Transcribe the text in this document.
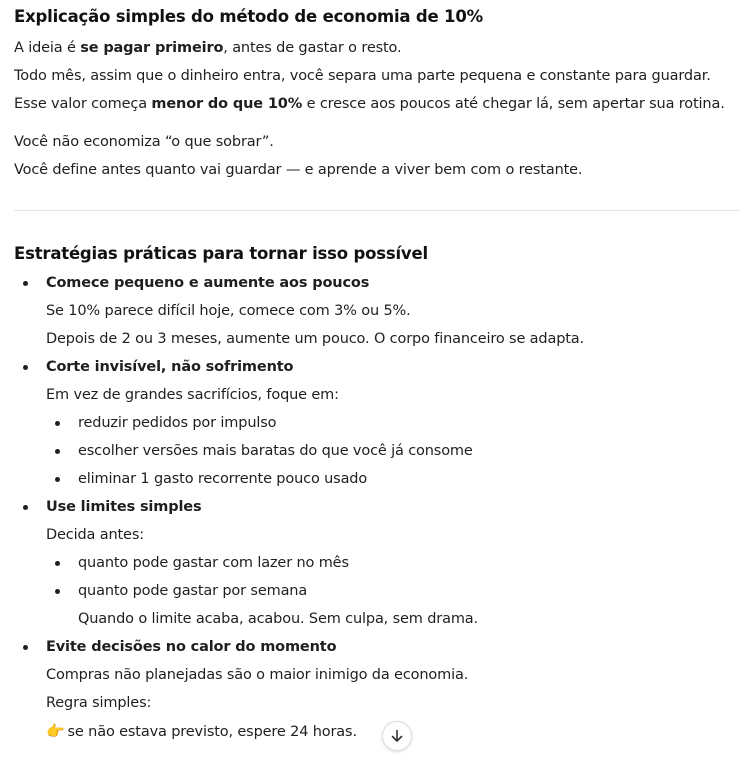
Explicação simples do método de economia de 10%
A ideia é se pagar primeiro, antes de gastar o resto.
Todo mês, assim que o dinheiro entra, você separa uma parte pequena e constante para guardar.
Esse valor começa menor do que 10% e cresce aos poucos até chegar lá, sem apertar sua rotina.
Você não economiza “o que sobrar”.
Você define antes quanto vai guardar — e aprende a viver bem com o restante.
Estratégias práticas para tornar isso possível
Comece pequeno e aumente aos poucos
Se 10% parece difícil hoje, comece com 3% ou 5%.
Depois de 2 ou 3 meses, aumente um pouco. O corpo financeiro se adapta.
Corte invisível, não sofrimento
Em vez de grandes sacrifícios, foque em:
reduzir pedidos por impulso
escolher versões mais baratas do que você já consome
eliminar 1 gasto recorrente pouco usado
Use limites simples
Decida antes:
quanto pode gastar com lazer no mês
quanto pode gastar por semana
Quando o limite acaba, acabou. Sem culpa, sem drama.
Evite decisões no calor do momento
Compras não planejadas são o maior inimigo da economia.
Regra simples:
👉 se não estava previsto, espere 24 horas.
